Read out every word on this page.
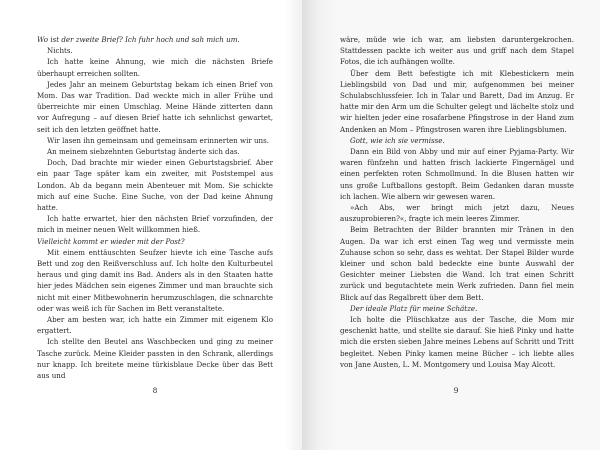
Wo ist der zweite Brief? Ich fuhr hoch und sah mich um.

Nichts.

Ich hatte keine Ahnung, wie mich die nächsten Briefe überhaupt erreichen sollten.

Jedes Jahr an meinem Geburtstag bekam ich einen Brief von Mom. Das war Tradition. Dad weckte mich in aller Frühe und überreichte mir einen Umschlag. Meine Hände zitterten dann vor Aufregung – auf diesen Brief hatte ich sehnlichst gewartet, seit ich den letzten geöffnet hatte.

Wir lasen ihn gemeinsam und gemeinsam erinnerten wir uns.

An meinem siebzehnten Geburtstag änderte sich das.

Doch, Dad brachte mir wieder einen Geburtstagsbrief. Aber ein paar Tage später kam ein zweiter, mit Poststempel aus London. Ab da begann mein Abenteuer mit Mom. Sie schickte mich auf eine Suche. Eine Suche, von der Dad keine Ahnung hatte.

Ich hatte erwartet, hier den nächsten Brief vorzufinden, der mich in meiner neuen Welt willkommen hieß.

Vielleicht kommt er wieder mit der Post?

Mit einem enttäuschten Seufzer hievte ich eine Tasche aufs Bett und zog den Reißverschluss auf. Ich holte den Kulturbeutel heraus und ging damit ins Bad. Anders als in den Staaten hatte hier jedes Mädchen sein eigenes Zimmer und man brauchte sich nicht mit einer Mitbewohnerin herumzuschlagen, die schnarchte oder was weiß ich für Sachen im Bett veranstaltete.

Aber am besten war, ich hatte ein Zimmer mit eigenem Klo ergattert.

Ich stellte den Beutel ans Waschbecken und ging zu meiner Tasche zurück. Meine Kleider passten in den Schrank, allerdings nur knapp. Ich breitete meine türkisblaue Decke über das Bett aus und

8

wäre, müde wie ich war, am liebsten daruntergekrochen. Stattdessen packte ich weiter aus und griff nach dem Stapel Fotos, die ich aufhängen wollte.

Über dem Bett befestigte ich mit Klebestickern mein Lieblingsbild von Dad und mir, aufgenommen bei meiner Schulabschlussfeier. Ich in Talar und Barett, Dad im Anzug. Er hatte mir den Arm um die Schulter gelegt und lächelte stolz und wir hielten jeder eine rosafarbene Pfingstrose in der Hand zum Andenken an Mom – Pfingstrosen waren ihre Lieblingsblumen.

Gott, wie ich sie vermisse.

Dann ein Bild von Abby und mir auf einer Pyjama-Party. Wir waren fünfzehn und hatten frisch lackierte Fingernägel und einen perfekten roten Schmollmund. In die Blusen hatten wir uns große Luftballons gestopft. Beim Gedanken daran musste ich lachen. Wie albern wir gewesen waren.

»Ach Abs, wer bringt mich jetzt dazu, Neues auszuprobieren?«, fragte ich mein leeres Zimmer.

Beim Betrachten der Bilder brannten mir Tränen in den Augen. Da war ich erst einen Tag weg und vermisste mein Zuhause schon so sehr, dass es wehtat. Der Stapel Bilder wurde kleiner und schon bald bedeckte eine bunte Auswahl der Gesichter meiner Liebsten die Wand. Ich trat einen Schritt zurück und begutachtete mein Werk zufrieden. Dann fiel mein Blick auf das Regalbrett über dem Bett.

Der ideale Platz für meine Schätze.

Ich holte die Plüschkatze aus der Tasche, die Mom mir geschenkt hatte, und stellte sie darauf. Sie hieß Pinky und hatte mich die ersten sieben Jahre meines Lebens auf Schritt und Tritt begleitet. Neben Pinky kamen meine Bücher – ich liebte alles von Jane Austen, L. M. Montgomery und Louisa May Alcott.

9
